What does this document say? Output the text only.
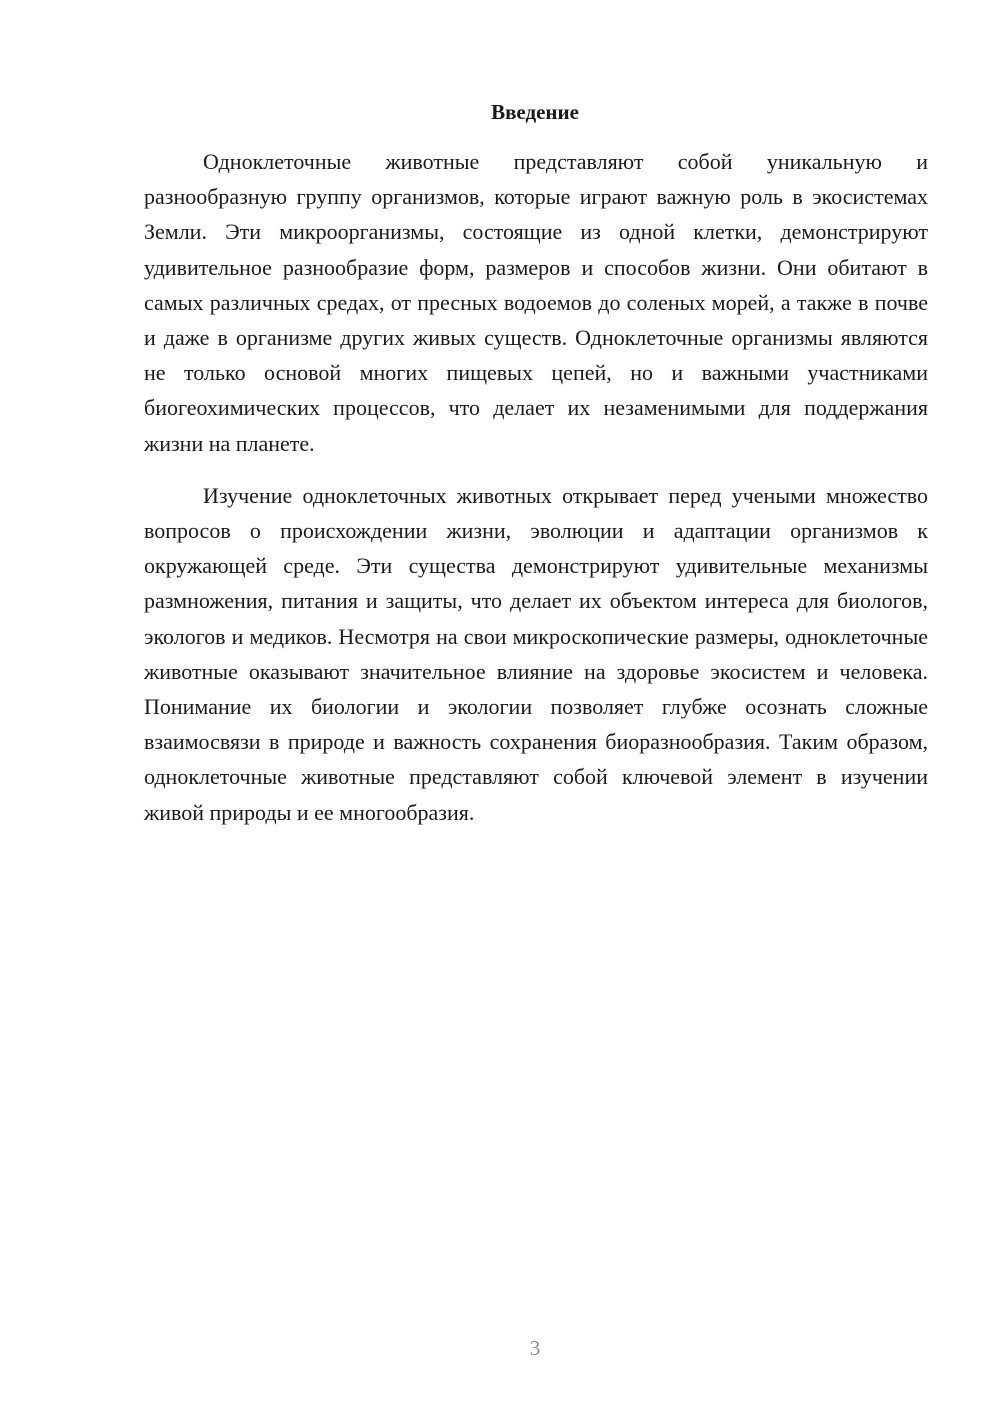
Введение

Одноклеточные животные представляют собой уникальную и разнообразную группу организмов, которые играют важную роль в экосистемах Земли. Эти микроорганизмы, состоящие из одной клетки, демонстрируют удивительное разнообразие форм, размеров и способов жизни. Они обитают в самых различных средах, от пресных водоемов до соленых морей, а также в почве и даже в организме других живых существ. Одноклеточные организмы являются не только основой многих пищевых цепей, но и важными участниками биогеохимических процессов, что делает их незаменимыми для поддержания жизни на планете.

Изучение одноклеточных животных открывает перед учеными множество вопросов о происхождении жизни, эволюции и адаптации организмов к окружающей среде. Эти существа демонстрируют удивительные механизмы размножения, питания и защиты, что делает их объектом интереса для биологов, экологов и медиков. Несмотря на свои микроскопические размеры, одноклеточные животные оказывают значительное влияние на здоровье экосистем и человека. Понимание их биологии и экологии позволяет глубже осознать сложные взаимосвязи в природе и важность сохранения биоразнообразия. Таким образом, одноклеточные животные представляют собой ключевой элемент в изучении живой природы и ее многообразия.

3
